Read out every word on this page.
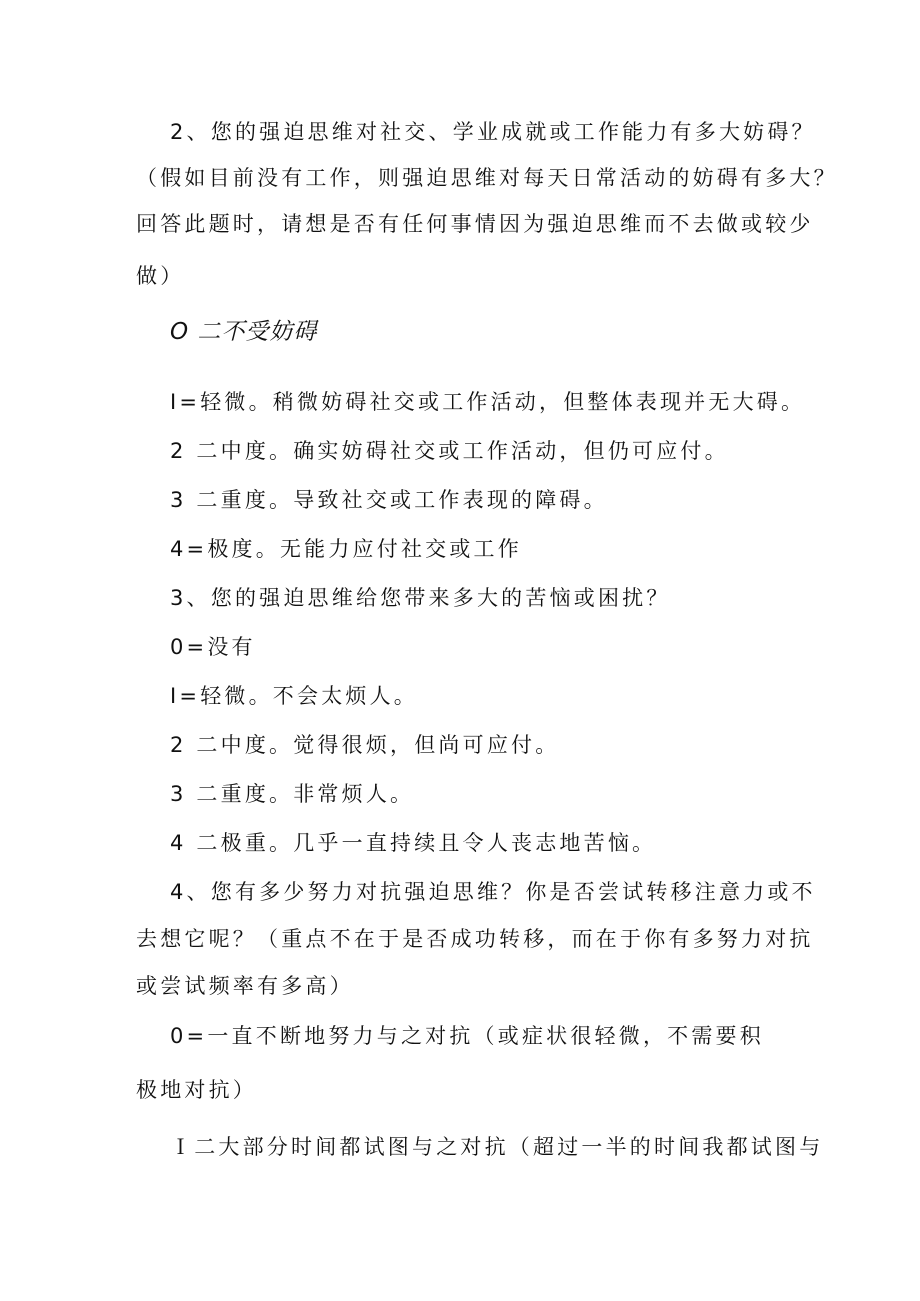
2、您的强迫思维对社交、学业成就或工作能力有多大妨碍？
（假如目前没有工作，则强迫思维对每天日常活动的妨碍有多大？
回答此题时，请想是否有任何事情因为强迫思维而不去做或较少
做）
O 二不受妨碍
I=轻微。稍微妨碍社交或工作活动，但整体表现并无大碍。
2 二中度。确实妨碍社交或工作活动，但仍可应付。
3 二重度。导致社交或工作表现的障碍。
4=极度。无能力应付社交或工作
3、您的强迫思维给您带来多大的苦恼或困扰？
0=没有
I=轻微。不会太烦人。
2 二中度。觉得很烦，但尚可应付。
3 二重度。非常烦人。
4 二极重。几乎一直持续且令人丧志地苦恼。
4、您有多少努力对抗强迫思维？你是否尝试转移注意力或不
去想它呢？（重点不在于是否成功转移，而在于你有多努力对抗
或尝试频率有多高）
0=一直不断地努力与之对抗（或症状很轻微，不需要积
极地对抗）
Ｉ二大部分时间都试图与之对抗（超过一半的时间我都试图与
